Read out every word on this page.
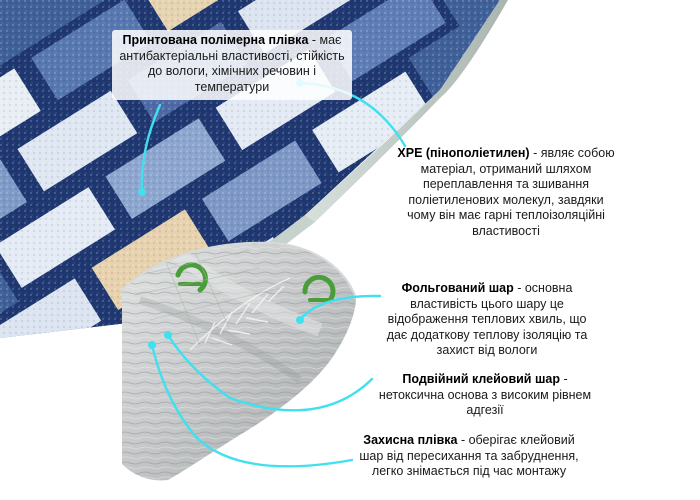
Принтована полімерна плівка - має антибактеріальні властивості, стійкість до вологи, хімічних речовин і температури
XPE (пінополіетилен) - являє собою матеріал, отриманий шляхом переплавлення та зшивання поліетиленових молекул, завдяки чому він має гарні теплоізоляційні властивості
Фольгований шар - основна властивість цього шару це відображення теплових хвиль, що дає додаткову теплову ізоляцію та захист від вологи
Подвійний клейовий шар - нетоксична основа з високим рівнем адгезії
Захисна плівка - оберігає клейовий шар від пересихання та забруднення, легко знімається під час монтажу
